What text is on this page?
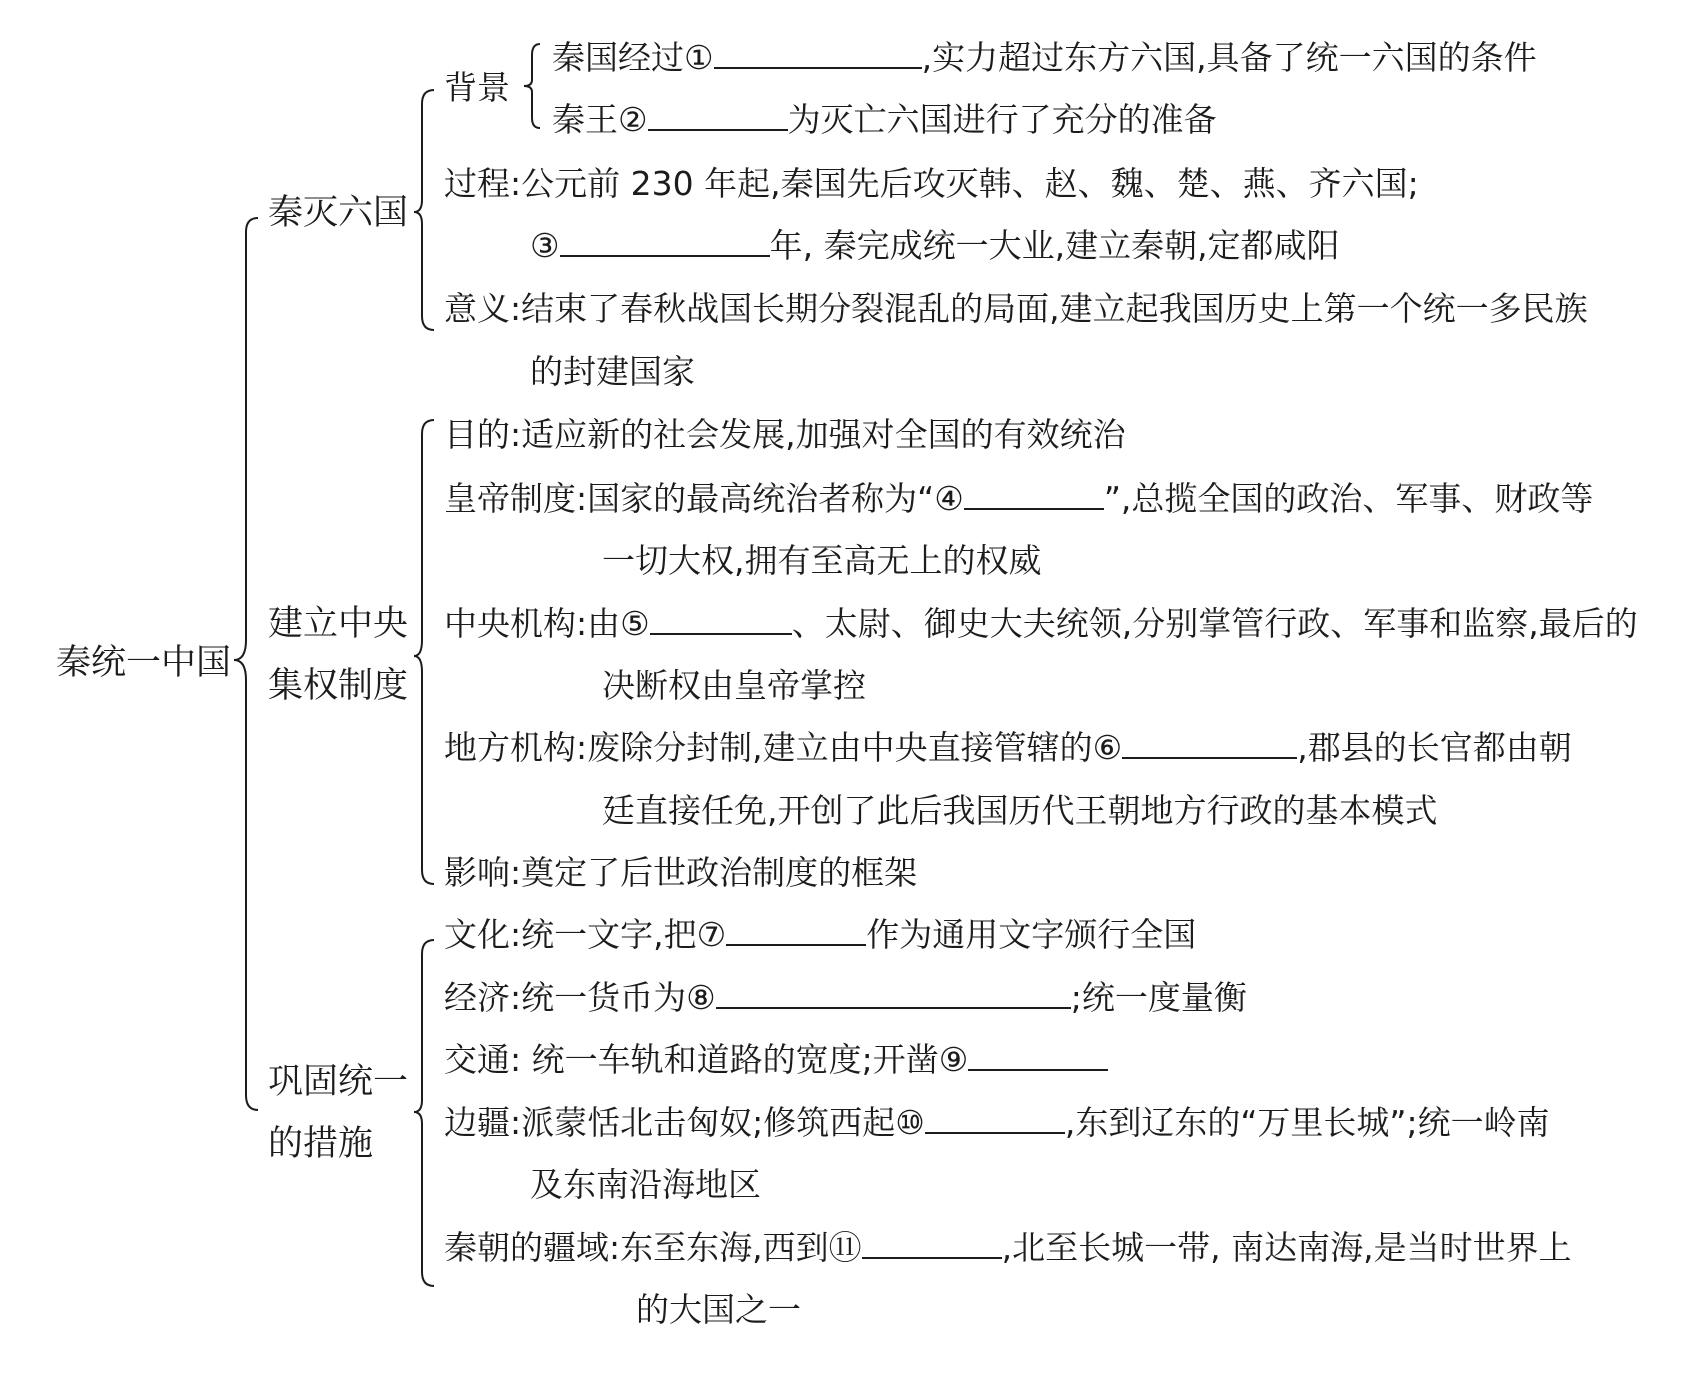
秦统一中国
秦灭六国
背景
秦国经过①	,实力超过东方六国,具备了统一六国的条件
秦王②	为灭亡六国进行了充分的准备
过程:公元前 230 年起,秦国先后攻灭韩、赵、魏、楚、燕、齐六国;
③	年, 秦完成统一大业,建立秦朝,定都咸阳
意义:结束了春秋战国长期分裂混乱的局面,建立起我国历史上第一个统一多民族
的封建国家
建立中央
集权制度
目的:适应新的社会发展,加强对全国的有效统治
皇帝制度:国家的最高统治者称为“④	”,总揽全国的政治、军事、财政等
一切大权,拥有至高无上的权威
中央机构:由⑤	、太尉、御史大夫统领,分别掌管行政、军事和监察,最后的
决断权由皇帝掌控
地方机构:废除分封制,建立由中央直接管辖的⑥	,郡县的长官都由朝
廷直接任免,开创了此后我国历代王朝地方行政的基本模式
影响:奠定了后世政治制度的框架
巩固统一
的措施
文化:统一文字,把⑦	作为通用文字颁行全国
经济:统一货币为⑧	;统一度量衡
交通: 统一车轨和道路的宽度;开凿⑨
边疆:派蒙恬北击匈奴;修筑西起⑩	,东到辽东的“万里长城”;统一岭南
及东南沿海地区
秦朝的疆域:东至东海,西到⑪	,北至长城一带, 南达南海,是当时世界上
的大国之一
